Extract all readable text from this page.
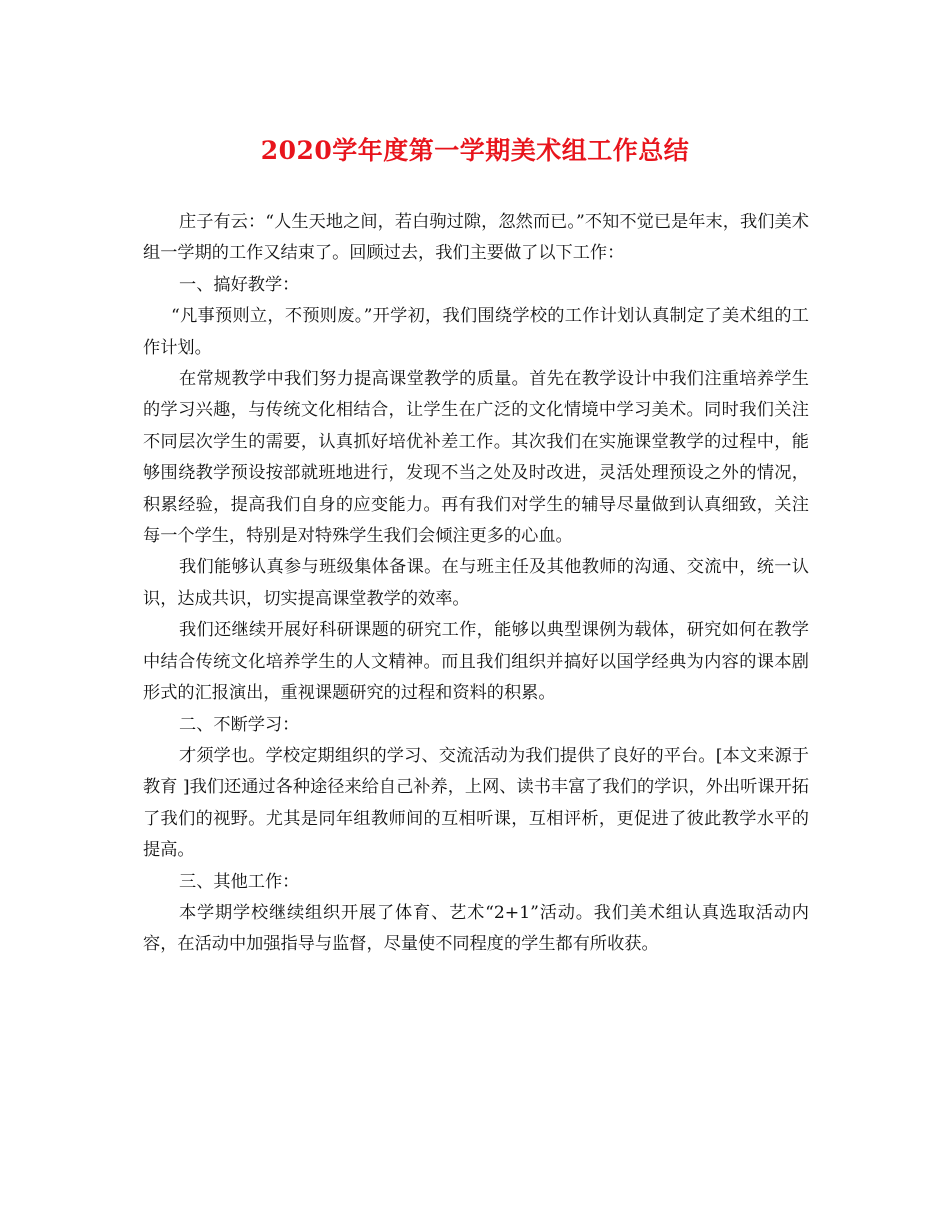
2020学年度第一学期美术组工作总结

庄子有云：“人生天地之间，若白驹过隙，忽然而已。”不知不觉已是年末，我们美术组一学期的工作又结束了。回顾过去，我们主要做了以下工作：

一、搞好教学：

“凡事预则立，不预则废。”开学初，我们围绕学校的工作计划认真制定了美术组的工作计划。

在常规教学中我们努力提高课堂教学的质量。首先在教学设计中我们注重培养学生的学习兴趣，与传统文化相结合，让学生在广泛的文化情境中学习美术。同时我们关注不同层次学生的需要，认真抓好培优补差工作。其次我们在实施课堂教学的过程中，能够围绕教学预设按部就班地进行，发现不当之处及时改进，灵活处理预设之外的情况，积累经验，提高我们自身的应变能力。再有我们对学生的辅导尽量做到认真细致，关注每一个学生，特别是对特殊学生我们会倾注更多的心血。

我们能够认真参与班级集体备课。在与班主任及其他教师的沟通、交流中，统一认识，达成共识，切实提高课堂教学的效率。

我们还继续开展好科研课题的研究工作，能够以典型课例为载体，研究如何在教学中结合传统文化培养学生的人文精神。而且我们组织并搞好以国学经典为内容的课本剧形式的汇报演出，重视课题研究的过程和资料的积累。

二、不断学习：

才须学也。学校定期组织的学习、交流活动为我们提供了良好的平台。[本文来源于教育 ]我们还通过各种途径来给自己补养，上网、读书丰富了我们的学识，外出听课开拓了我们的视野。尤其是同年组教师间的互相听课，互相评析，更促进了彼此教学水平的提高。

三、其他工作：

本学期学校继续组织开展了体育、艺术“2+1”活动。我们美术组认真选取活动内容，在活动中加强指导与监督，尽量使不同程度的学生都有所收获。
